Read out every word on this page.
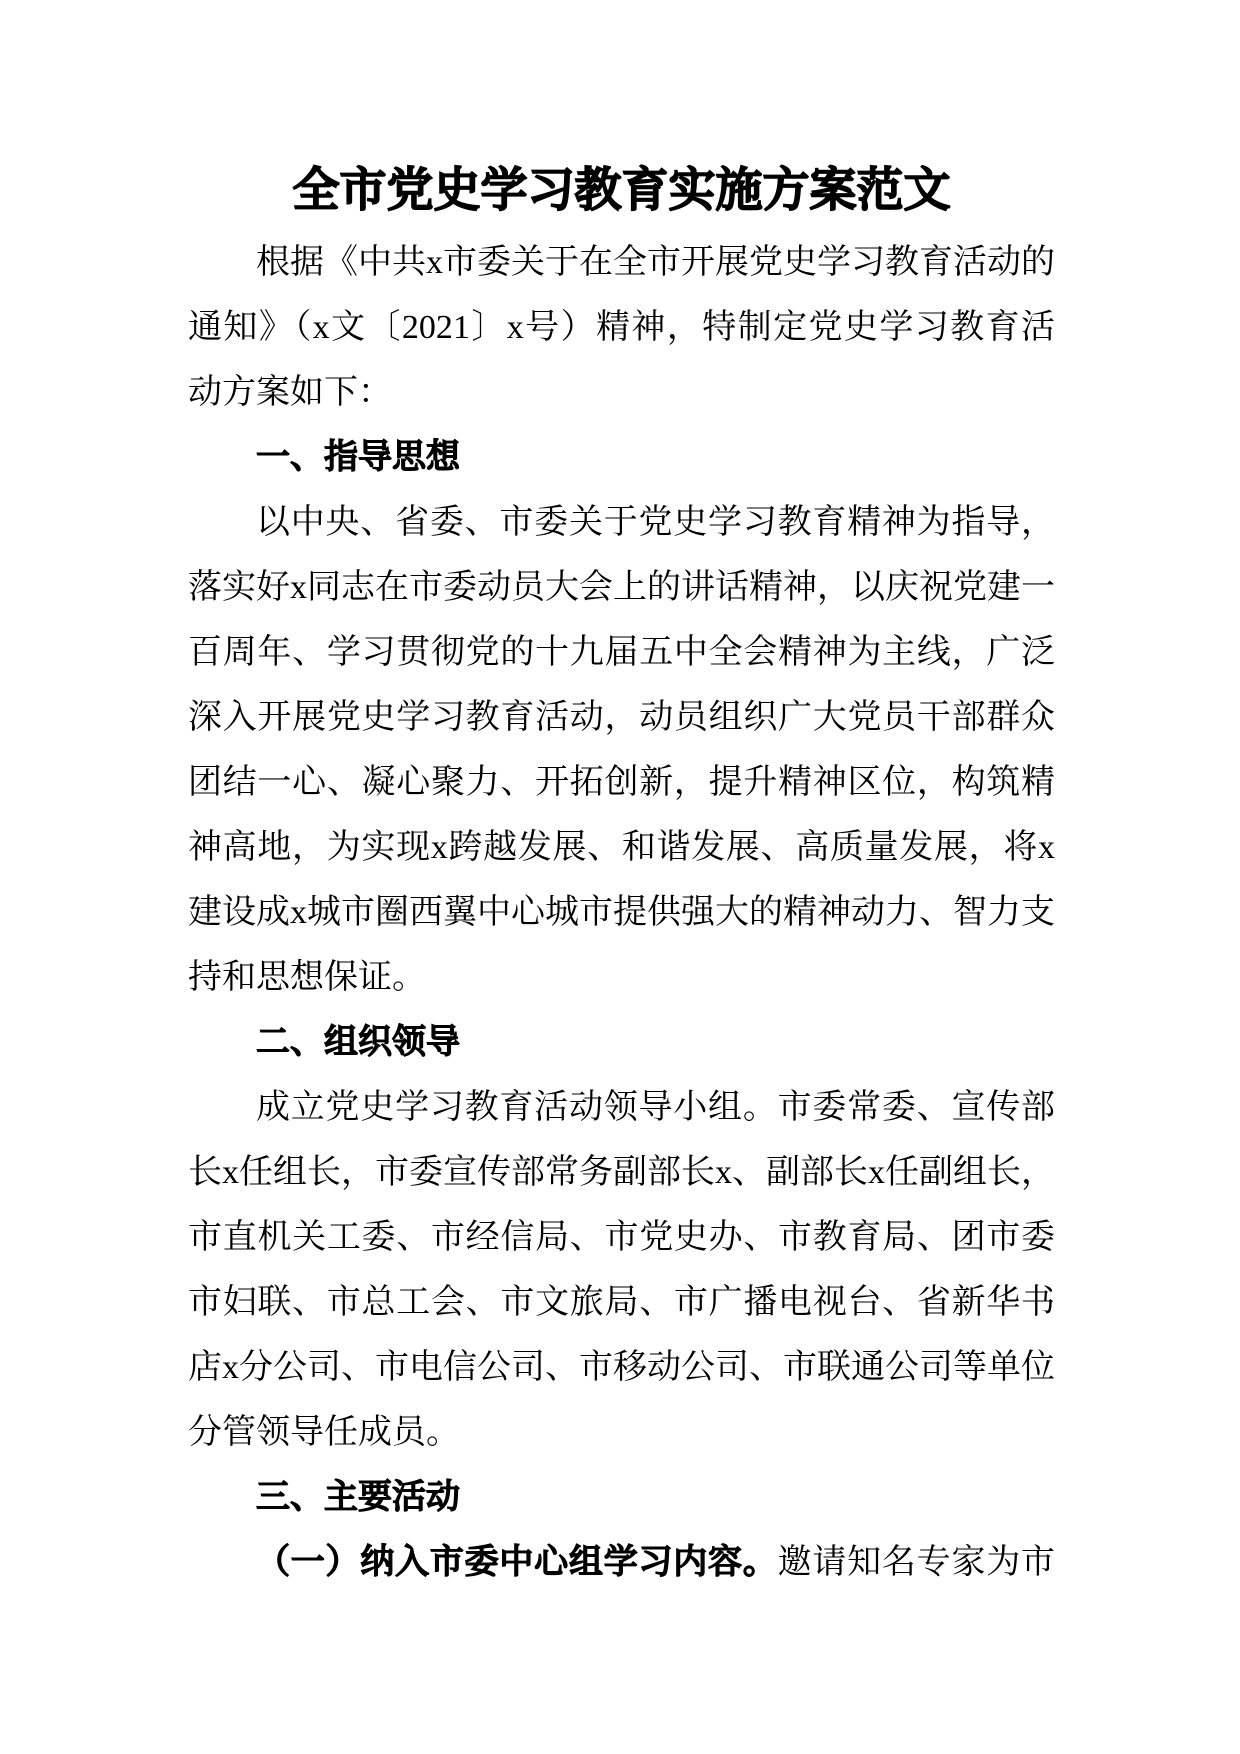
全市党史学习教育实施方案范文
根据《中共x市委关于在全市开展党史学习教育活动的
通知》（x文〔2021〕x号）精神，特制定党史学习教育活
动方案如下：
一、指导思想
以中央、省委、市委关于党史学习教育精神为指导，
落实好x同志在市委动员大会上的讲话精神，以庆祝党建一
百周年、学习贯彻党的十九届五中全会精神为主线，广泛
深入开展党史学习教育活动，动员组织广大党员干部群众
团结一心、凝心聚力、开拓创新，提升精神区位，构筑精
神高地，为实现x跨越发展、和谐发展、高质量发展，将x
建设成x城市圈西翼中心城市提供强大的精神动力、智力支
持和思想保证。
二、组织领导
成立党史学习教育活动领导小组。市委常委、宣传部
长x任组长，市委宣传部常务副部长x、副部长x任副组长，
市直机关工委、市经信局、市党史办、市教育局、团市委
市妇联、市总工会、市文旅局、市广播电视台、省新华书
店x分公司、市电信公司、市移动公司、市联通公司等单位
分管领导任成员。
三、主要活动
（一）纳入市委中心组学习内容。邀请知名专家为市
